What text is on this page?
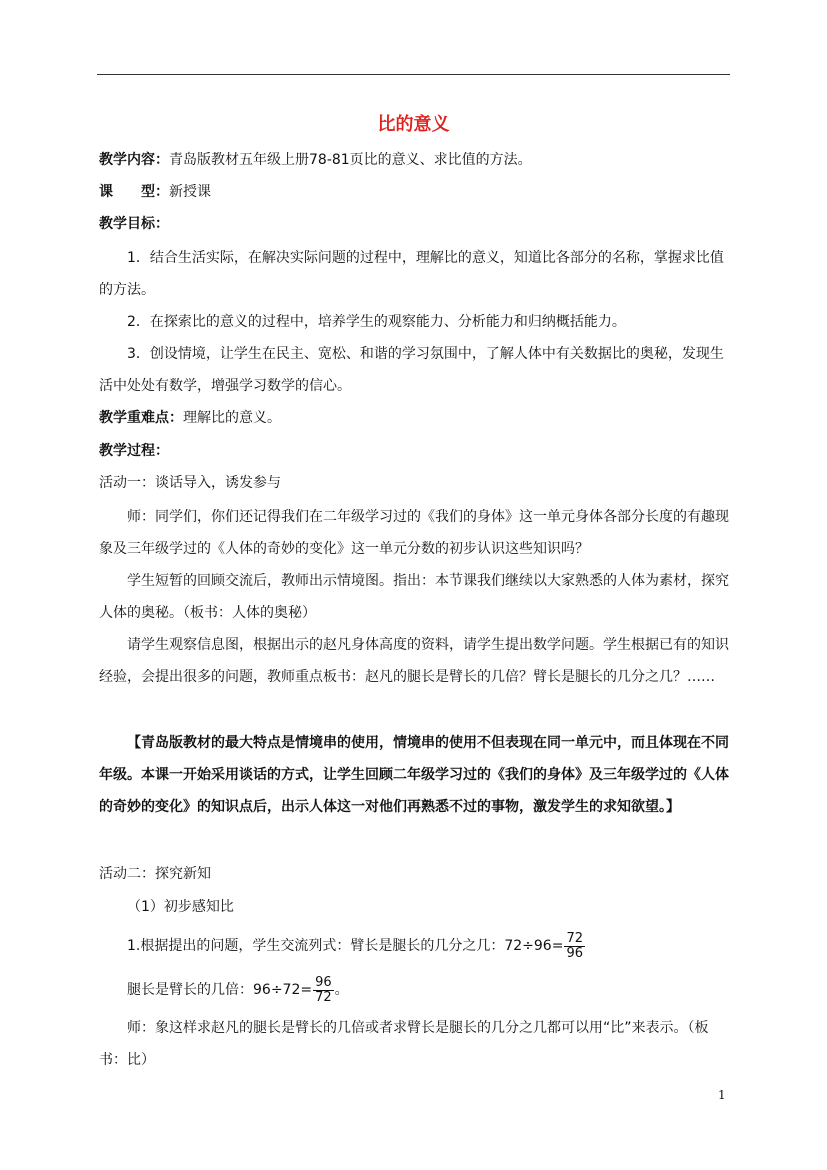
比的意义
教学内容：青岛版教材五年级上册78-81页比的意义、求比值的方法。
课　　型：新授课
教学目标：
1．结合生活实际，在解决实际问题的过程中，理解比的意义，知道比各部分的名称，掌握求比值的方法。
2．在探索比的意义的过程中，培养学生的观察能力、分析能力和归纳概括能力。
3．创设情境，让学生在民主、宽松、和谐的学习氛围中，了解人体中有关数据比的奥秘，发现生活中处处有数学，增强学习数学的信心。
教学重难点：理解比的意义。
教学过程：
活动一：谈话导入，诱发参与
师：同学们，你们还记得我们在二年级学习过的《我们的身体》这一单元身体各部分长度的有趣现象及三年级学过的《人体的奇妙的变化》这一单元分数的初步认识这些知识吗？
学生短暂的回顾交流后，教师出示情境图。指出：本节课我们继续以大家熟悉的人体为素材，探究人体的奥秘。（板书：人体的奥秘）
请学生观察信息图，根据出示的赵凡身体高度的资料，请学生提出数学问题。学生根据已有的知识经验，会提出很多的问题，教师重点板书：赵凡的腿长是臂长的几倍？臂长是腿长的几分之几？……
【青岛版教材的最大特点是情境串的使用，情境串的使用不但表现在同一单元中，而且体现在不同年级。本课一开始采用谈话的方式，让学生回顾二年级学习过的《我们的身体》及三年级学过的《人体的奇妙的变化》的知识点后，出示人体这一对他们再熟悉不过的事物，激发学生的求知欲望。】
活动二：探究新知
（1）初步感知比
1.根据提出的问题，学生交流列式：臂长是腿长的几分之几：$72\div 96= \frac{72}{96}$
腿长是臂长的几倍：$96\div 72= \frac{96}{72}$ 。
师：象这样求赵凡的腿长是臂长的几倍或者求臂长是腿长的几分之几都可以用“比”来表示。（板书：比）
1
